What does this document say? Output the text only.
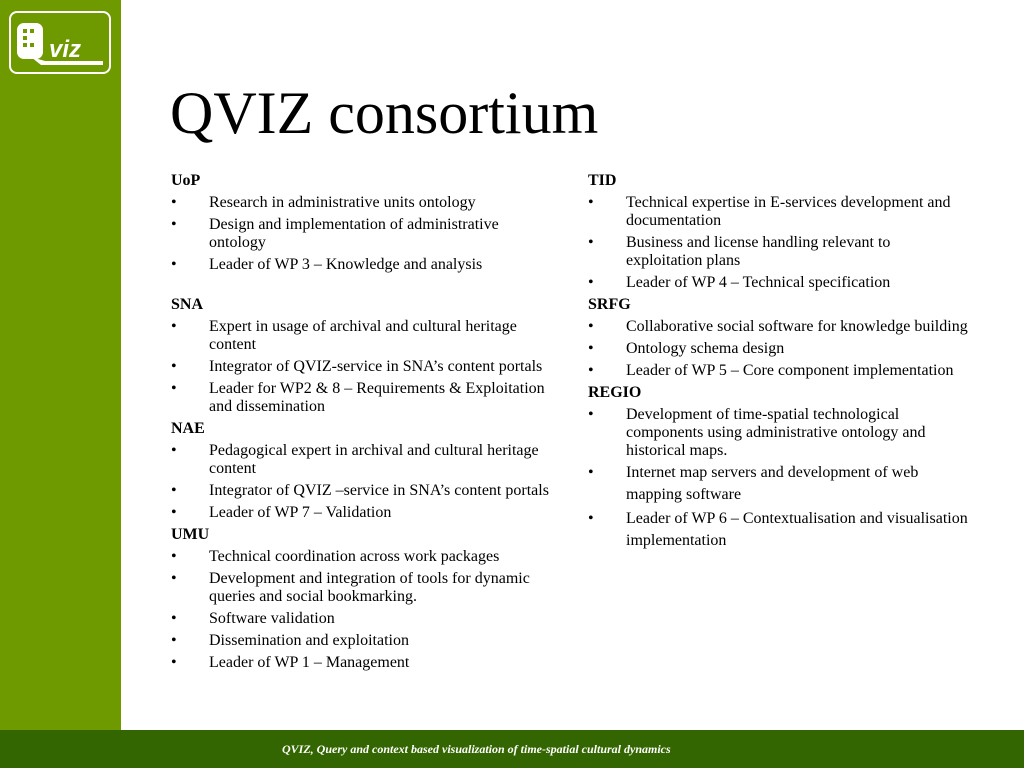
viz
QVIZ consortium
UoP
• Research in administrative units ontology
• Design and implementation of administrative ontology
• Leader of WP 3 – Knowledge and analysis
SNA
• Expert in usage of archival and cultural heritage content
• Integrator of QVIZ-service in SNA’s content portals
• Leader for WP2 & 8 – Requirements & Exploitation and dissemination
NAE
• Pedagogical expert in archival and cultural heritage content
• Integrator of QVIZ –service in SNA’s content portals
• Leader of WP 7 – Validation
UMU
• Technical coordination across work packages
• Development and integration of tools for dynamic queries and social bookmarking.
• Software validation
• Dissemination and exploitation
• Leader of WP 1 – Management
TID
• Technical expertise in E-services development and documentation
• Business and license handling relevant to exploitation plans
• Leader of WP 4 – Technical specification
SRFG
• Collaborative social software for knowledge building
• Ontology schema design
• Leader of WP 5 – Core component implementation
REGIO
• Development of time-spatial technological components using administrative ontology and historical maps.
• Internet map servers and development of web mapping software
• Leader of WP 6 – Contextualisation and visualisation implementation
QVIZ, Query and context based visualization of time-spatial cultural dynamics
